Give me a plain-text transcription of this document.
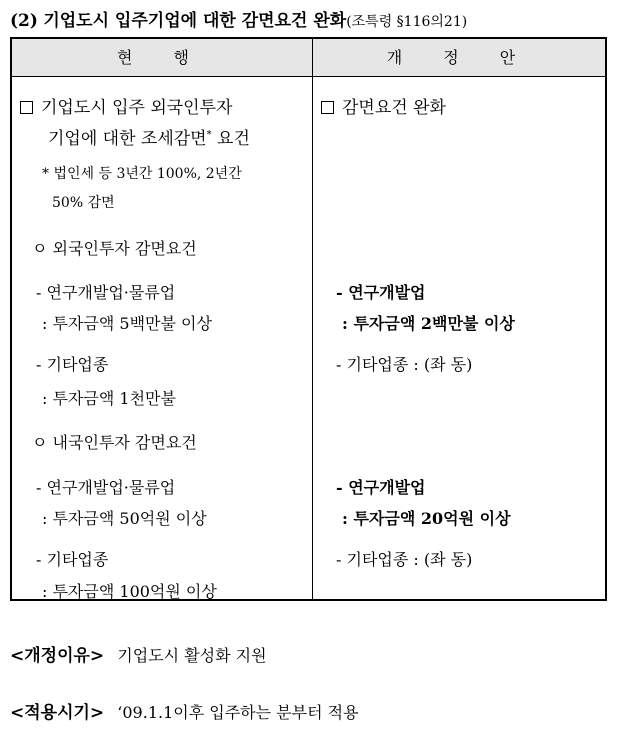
(2) 기업도시 입주기업에 대한 감면요건 완화(조특령 §116의21)
현 행	개 정 안
기업도시 입주 외국인투자
기업에 대한 조세감면* 요건
* 법인세 등 3년간 100%, 2년간
50% 감면
ㅇ 외국인투자 감면요건
- 연구개발업·물류업
: 투자금액 5백만불 이상
- 기타업종
: 투자금액 1천만불
ㅇ 내국인투자 감면요건
- 연구개발업·물류업
: 투자금액 50억원 이상
- 기타업종
: 투자금액 100억원 이상
감면요건 완화
- 연구개발업
: 투자금액 2백만불 이상
- 기타업종 : (좌 동)
- 연구개발업
: 투자금액 20억원 이상
- 기타업종 : (좌 동)
<개정이유> 기업도시 활성화 지원
<적용시기> ‘09.1.1이후 입주하는 분부터 적용
